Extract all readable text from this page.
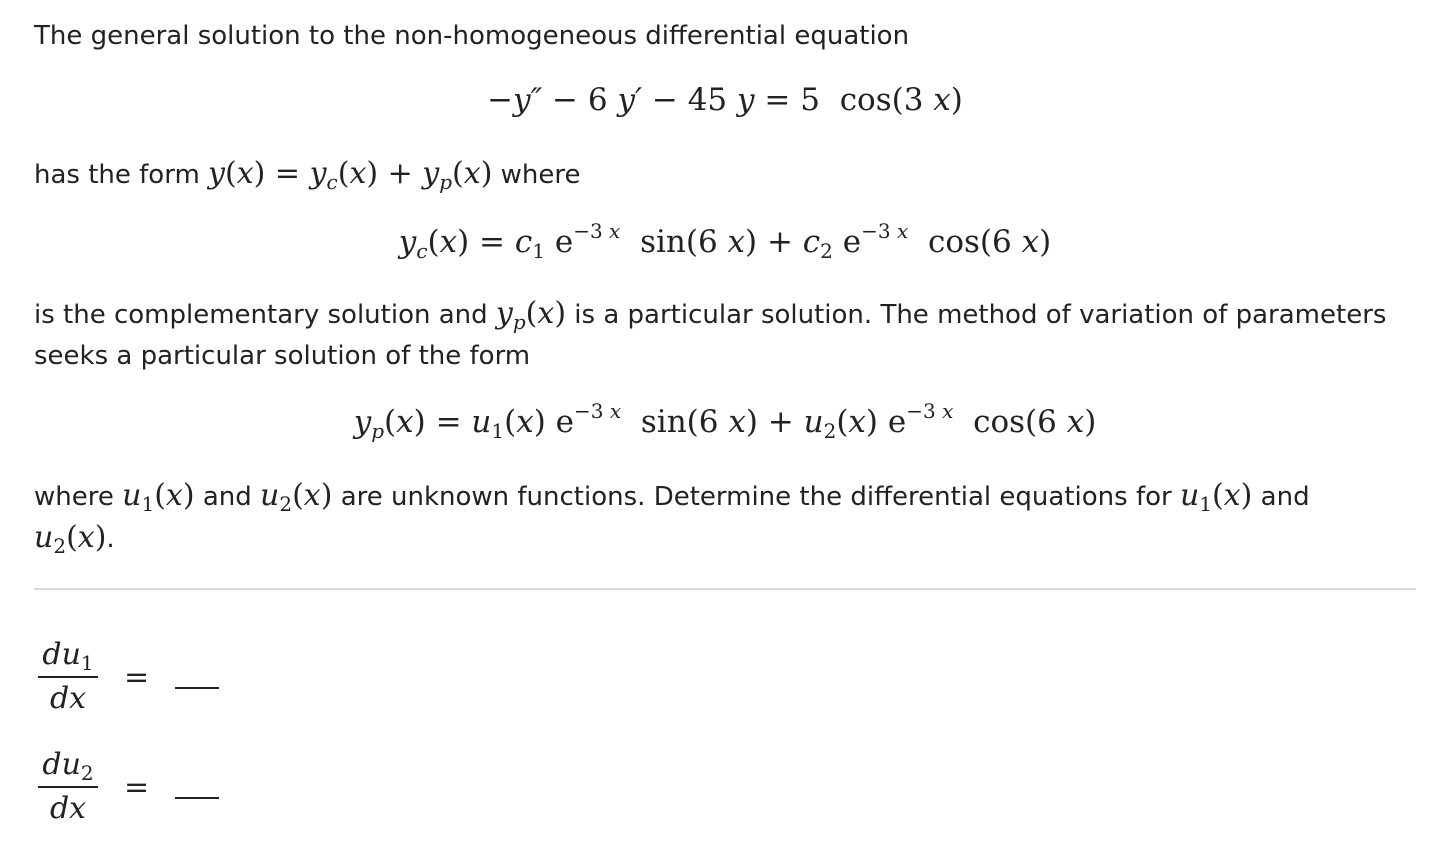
The general solution to the non-homogeneous differential equation
−y″ − 6 y′ − 45 y = 5 cos(3 x)
has the form $y(x) = y_c(x) + y_p(x)$ where
$y_c(x) = c_1$ $e^{-3 x}$ sin(6 $x) + c_2$ $e^{-3 x}$ cos(6 x)
is the complementary solution and $y_p(x)$ is a particular solution. The method of variation of parameters
seeks a particular solution of the form
$y_p(x) = u_1(x)$ $e^{-3 x}$ sin(6 $x) + u_2(x)$ $e^{-3 x}$ cos(6 x)
where $u_1(x)$ and $u_2(x)$ are unknown functions. Determine the differential equations for $u_1(x)$ and
$u_2(x)$.
$\frac{du_1}{dx}$ =
$\frac{du_2}{dx}$ =
